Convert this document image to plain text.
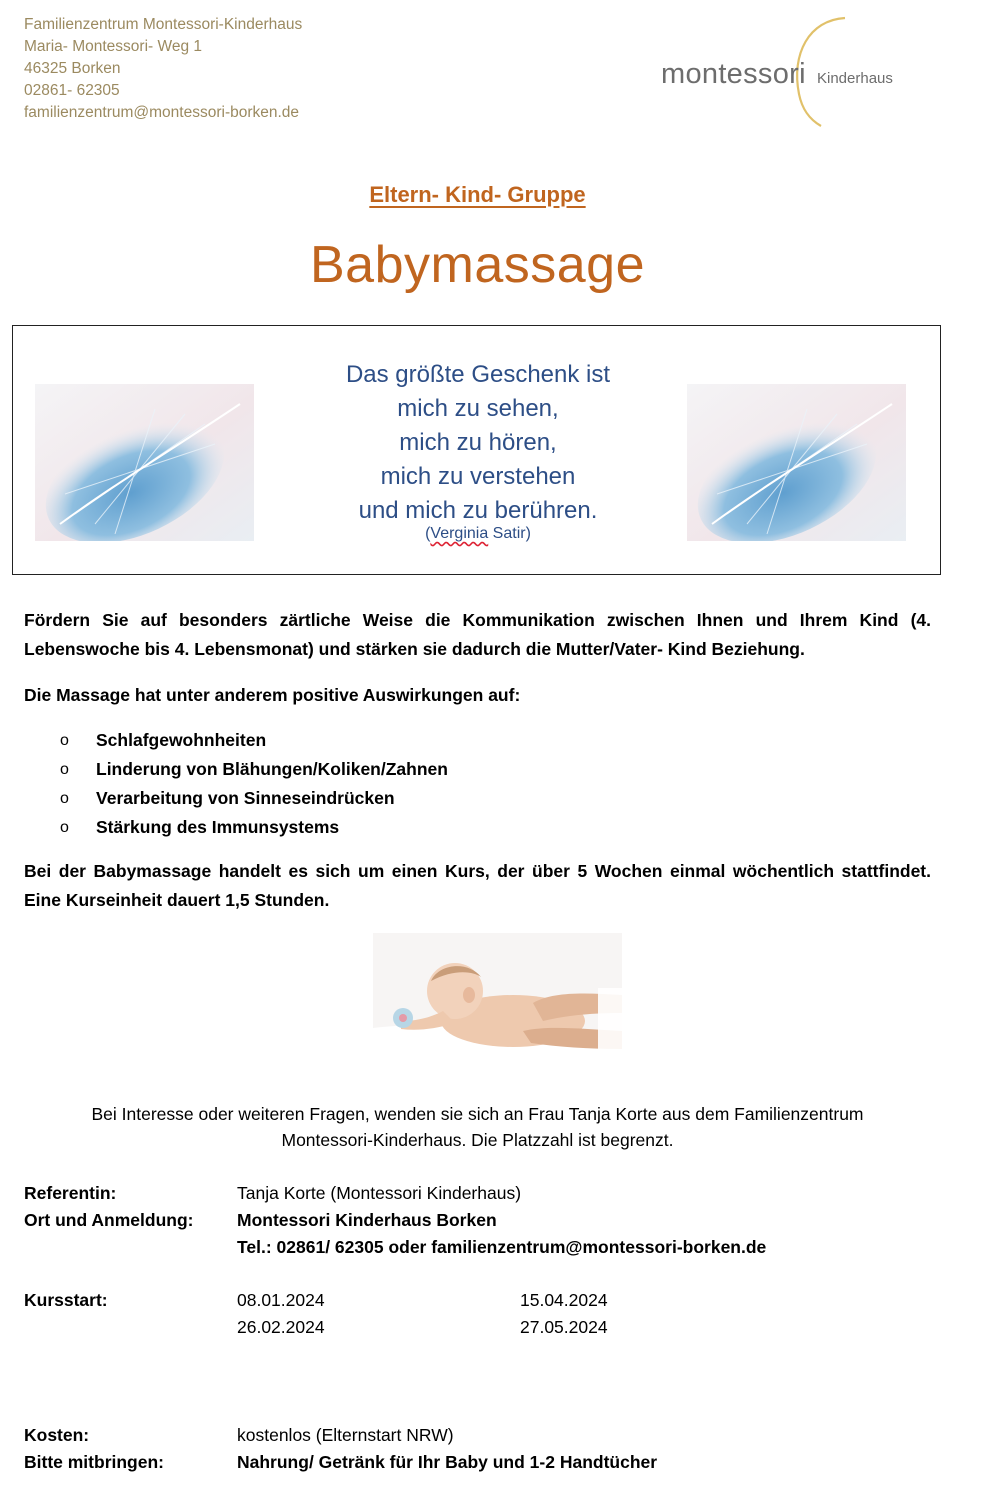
Familienzentrum Montessori-Kinderhaus
Maria- Montessori- Weg 1
46325 Borken
02861- 62305
familienzentrum@montessori-borken.de
montessori Kinderhaus
Eltern- Kind- Gruppe
Babymassage
Das größte Geschenk ist
mich zu sehen,
mich zu hören,
mich zu verstehen
und mich zu berühren.
(Verginia Satir)
Fördern Sie auf besonders zärtliche Weise die Kommunikation zwischen Ihnen und Ihrem Kind (4. Lebenswoche bis 4. Lebensmonat) und stärken sie dadurch die Mutter/Vater- Kind Beziehung.
Die Massage hat unter anderem positive Auswirkungen auf:
o	Schlafgewohnheiten
o	Linderung von Blähungen/Koliken/Zahnen
o	Verarbeitung von Sinneseindrücken
o	Stärkung des Immunsystems
Bei der Babymassage handelt es sich um einen Kurs, der über 5 Wochen einmal wöchentlich stattfindet. Eine Kurseinheit dauert 1,5 Stunden.
Bei Interesse oder weiteren Fragen, wenden sie sich an Frau Tanja Korte aus dem Familienzentrum
Montessori-Kinderhaus. Die Platzzahl ist begrenzt.
Referentin:	Tanja Korte (Montessori Kinderhaus)
Ort und Anmeldung: Montessori Kinderhaus Borken
Tel.: 02861/ 62305 oder familienzentrum@montessori-borken.de
Kursstart:	08.01.2024	15.04.2024
26.02.2024	27.05.2024
Kosten:	kostenlos (Elternstart NRW)
Bitte mitbringen:	Nahrung/ Getränk für Ihr Baby und 1-2 Handtücher
